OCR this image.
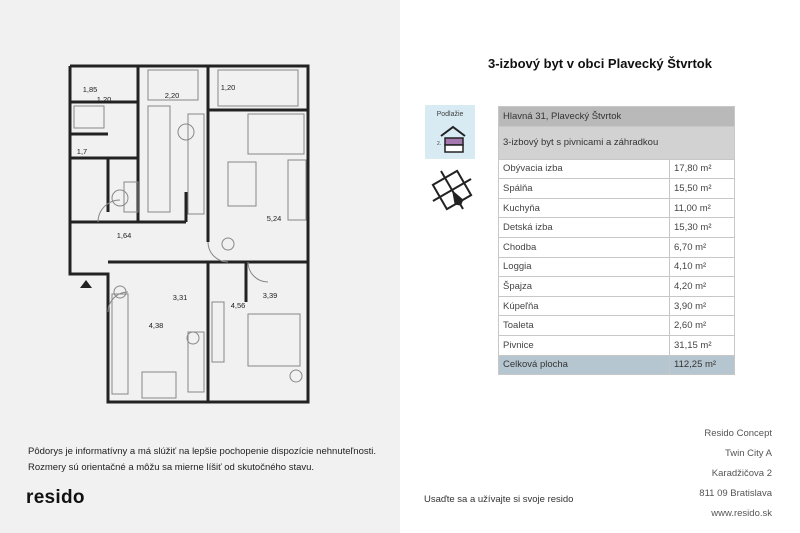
1,85
1,20	2,20
1,20
1,7
5,24
1,64
3,31
4,38
4,56
3,39
Pôdorys je informatívny a má slúžiť na lepšie pochopenie dispozície nehnuteľnosti.
Rozmery sú orientačné a môžu sa mierne líšiť od skutočného stavu.
resido
3-izbový byt v obci Plavecký Štvrtok
Podlažie
2.
Hlavná 31, Plavecký Štvrtok	
3-izbový byt s pivnicami a záhradkou	
Obývacia izba	17,80 m²
Spálňa	15,50 m²
Kuchyňa	11,00 m²
Detská izba	15,30 m²
Chodba	6,70 m²
Loggia	4,10 m²
Špajza	4,20 m²
Kúpeľňa	3,90 m²
Toaleta	2,60 m²
Pivnice	31,15 m²
Celková plocha	112,25 m²
Resido Concept
Twin City A
Karadžičova 2
811 09 Bratislava
www.resido.sk
Usaďte sa a užívajte si svoje resido
